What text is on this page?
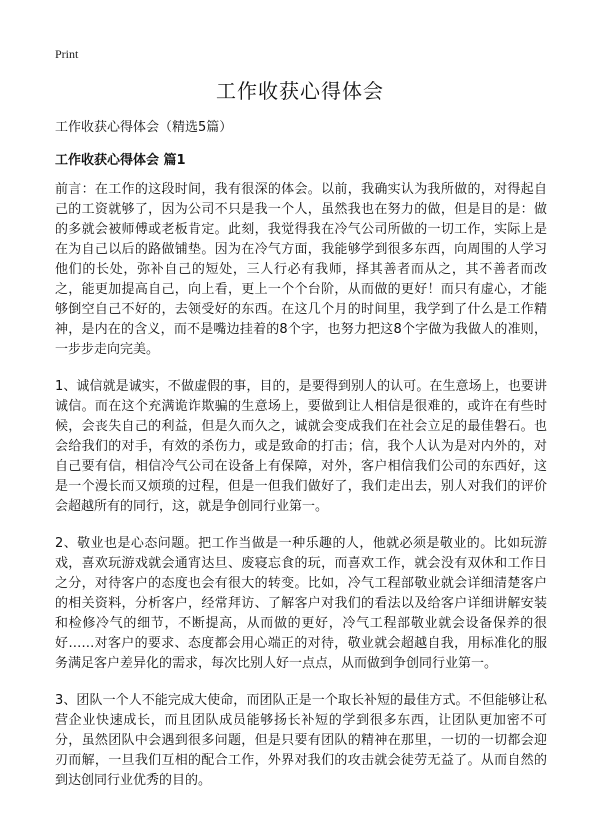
Print
工作收获心得体会
工作收获心得体会（精选5篇）
工作收获心得体会 篇1

前言：在工作的这段时间，我有很深的体会。以前，我确实认为我所做的，对得起自己的工资就够了，因为公司不只是我一个人，虽然我也在努力的做，但是目的是：做的多就会被师傅或老板肯定。此刻，我觉得我在冷气公司所做的一切工作，实际上是在为自己以后的路做铺垫。因为在冷气方面，我能够学到很多东西，向周围的人学习他们的长处，弥补自己的短处，三人行必有我师，择其善者而从之，其不善者而改之，能更加提高自己，向上看，更上一个个台阶，从而做的更好！而只有虚心，才能够倒空自己不好的，去领受好的东西。在这几个月的时间里，我学到了什么是工作精神，是内在的含义，而不是嘴边挂着的8个字，也努力把这8个字做为我做人的准则，一步步走向完美。

1、诚信就是诚实，不做虚假的事，目的，是要得到别人的认可。在生意场上，也要讲诚信。而在这个充满诡诈欺骗的生意场上，要做到让人相信是很难的，或许在有些时候，会丧失自己的利益，但是久而久之，诚就会变成我们在社会立足的最佳磐石。也会给我们的对手，有效的杀伤力，或是致命的打击；信，我个人认为是对内外的，对自己要有信，相信冷气公司在设备上有保障，对外，客户相信我们公司的东西好，这是一个漫长而又烦琐的过程，但是一但我们做好了，我们走出去，别人对我们的评价会超越所有的同行，这，就是争创同行业第一。

2、敬业也是心态问题。把工作当做是一种乐趣的人，他就必须是敬业的。比如玩游戏，喜欢玩游戏就会通宵达旦、废寝忘食的玩，而喜欢工作，就会没有双休和工作日之分，对待客户的态度也会有很大的转变。比如，冷气工程部敬业就会详细清楚客户的相关资料，分析客户，经常拜访、了解客户对我们的看法以及给客户详细讲解安装和检修冷气的细节，不断提高，从而做的更好，冷气工程部敬业就会设备保养的很好……对客户的要求、态度都会用心端正的对待，敬业就会超越自我，用标准化的服务满足客户差异化的需求，每次比别人好一点点，从而做到争创同行业第一。

3、团队一个人不能完成大使命，而团队正是一个取长补短的最佳方式。不但能够让私营企业快速成长，而且团队成员能够扬长补短的学到很多东西，让团队更加密不可分，虽然团队中会遇到很多问题，但是只要有团队的精神在那里，一切的一切都会迎刃而解，一旦我们互相的配合工作，外界对我们的攻击就会徒劳无益了。从而自然的到达创同行业优秀的目的。
